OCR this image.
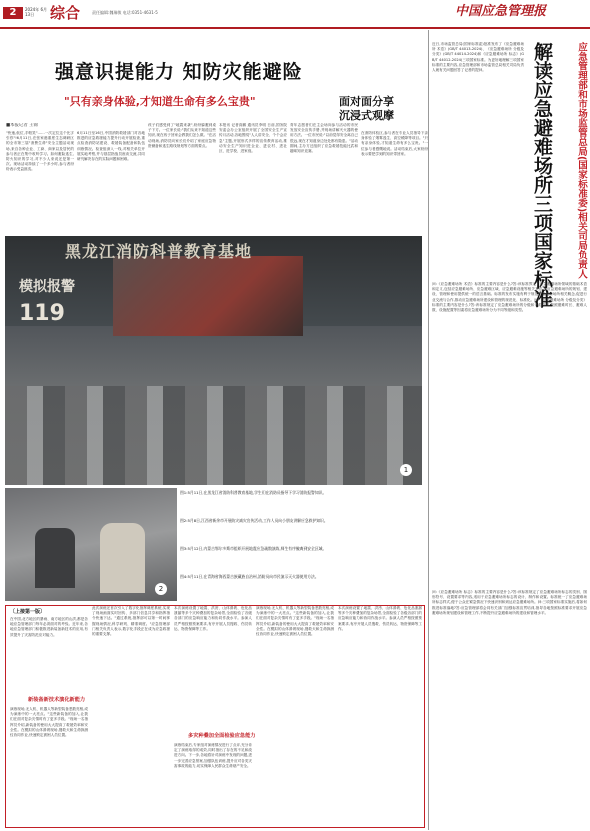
2	2024年 6月 13日	综合	责任编辑:魏瑞敏 电话:0351-4631-5	中国应急管理报
强意识提能力 知防灾能避险
"只有亲身体验,才知道生命有多么宝贵"	面对面分享
沉浸式观摩
■本报记者 王锦
"快速,低位,手帕笑"……一次定位这个比字引你"!6月11日,在张家港重度生态调研区的全市第三届"消费生命"安全主题活动现场,来自各种企业、工商、商家以及居民的参与者正在集中收听学习。如何避险逃生,防火知识的学习,对不少人来说还是第一次。现场活动持续了一个多小时,参与者纷纷表示受益匪浅。
6月11日至16日,中国消防救援部门对各地推进的应急救援能力提升行动开展检查,重点检查消防站建设、救援装备配备和队伍训练情况。检查组深入一线,对相关单位开展实地考察,并与基层指战员座谈交流,共同研究解决存在的实际问题和困难。
孩子们感受到了"地震来袭",纷纷躲避到桌子下方。一位家长说:"我们从来不知道这些知识,现在孩子回家会教我们怎么做。"在活动现场,消防员向家长们介绍了家庭应急物资储备和逃生路线规划等方面的要点。
本报讯 记者高鹏 通讯员李明 日前,国务院安委会办公室组织开展了全国安全生产宣传月活动,各地围绕"人人讲安全、个个会应急"主题,开展形式多样的宣传教育活动,推动安全生产知识进企业、进农村、进社区、进学校、进家庭。
青年志愿者们在主会场向参与活动的市民发放安全宣传手册,并现场讲解灭火器的使用方法。一位市民说:"以前觉得安全离自己很远,现在才知道身边处处都有隐患。"活动期间,主办方还组织了应急救援技能比武和趣味知识竞赛。
在消防体验区,参与者在专业人员指导下亲身体验了烟雾逃生、高空缓降等项目。"只有亲身体验,才知道生命有多么宝贵。"一位参与者感慨地说。活动结束后,大家纷纷表示要把学到的知识带回家。
黑龙江消防科普教育基地
模拟报警
119
1
2
图1:5月11日,在黑龙江省消防科普教育基地,学生们在消防员指导下学习消防报警知识。
图2:5月8日,江西省新余市开展防灾减灾宣传活动,工作人员向小朋友讲解应急救护知识。
图3:5月12日,内蒙古鄂尔多斯市组织开展地震应急疏散演练,师生有序撤离到安全区域。
图4:5月11日,在青海省海西蒙古族藏族自治州,消防员向市民演示灭火器使用方法。
解读应急避难场所三项国家标准	应急管理部和市场监管总局(国家标准委)相关司局负责人
近日,市场监管总局(国家标准委)批准发布了《应急避难场所 术语》(GB/T 44013-2024)、《应急避难场所 分级及分类》(GB/T 44014-2024)和《应急避难场所 标志》(GB/T 44012-2024)三项国家标准。为更好地理解三项国家标准的主要内容,应急管理部和市场监管总局相关司局负责人就有关问题回答了记者的提问。
问:《应急避难场所 术语》标准的主要内容是什么?答:该标准界定了应急避难场所领域的基础术语和定义,包括应急避难场所、应急避难区域、应急避难设施等相关术语,为应急避难场所的规划、建设、管理和使用提供统一的语言基础。标准的发布实施有利于规范应急避难场所相关概念,促进行业交流与合作,推动应急避难场所建设和管理的规范化、标准化。问:《应急避难场所 分级及分类》标准的主要内容是什么?答:该标准规定了应急避难场所的分级和分类原则,按照避难时长、避难人数、设施配置等因素将应急避难场所分为不同等级和类型。
问:《应急避难场所 标志》标准的主要内容是什么?答:该标准规定了应急避难场所标志的类别、图形符号、设置要求等内容,适用于应急避难场所标志的设计、制作和设置。标准统一了应急避难场所标志样式,便于公众在紧急情况下快速识别和到达应急避难场所。问:三项国家标准实施后,将如何推进标准落地?答:应急管理部将会同有关部门加强标准宣贯培训,指导各地按照标准要求开展应急避难场所规划建设和管理工作,不断提升应急避难场所的建设和管理水平。
〔上接第一版〕
在中国,北方地区的暴雨、南方地区的山洪,都是各地应急管理部门每年必须面对的考验。近年来,各地应急管理部门积极推进新装备新技术的应用,有效提升了灾害防范应对能力。
新装备新技术演化新能力
演练现场,无人机、机器人等新型装备悉数亮相,成为演练中的一大亮点。"这些新装备的加入,让我们在面对复杂灾情时有了更多手段。"现场一名指挥员介绍,新装备的使用大大提高了救援效率和安全性。在模拟的山体滑坡现场,搜救犬和生命探测仪协同作业,快速锁定被困人员位置。
此次演练还首次引入了数字化指挥调度系统,实现了现场画面实时回传、多部门信息共享和指挥指令快速下达。"通过系统,指挥部可以第一时间掌握现场情况,科学研判、精准调度。"应急管理部门相关负责人表示,数字化手段正在成为应急救援的重要支撑。
本次演练设置了地震、洪涝、山体滑坡、危化品泄漏等多个灾种叠加的复杂场景,全面检验了各级各部门的应急响应能力和协同作战水平。参演人员严格按照预案要求,有序开展人员搜救、伤员转运、物资保障等工作。
多灾种叠加全面检验应急能力
演练结束后,专家组对演练情况进行了点评,充分肯定了演练取得的成效,同时指出了存在的不足和改进方向。下一步,各地将针对演练中发现的问题,进一步完善应急预案,加强队伍训练,提升应对各类灾害事故的能力,切实保障人民群众生命财产安全。
演练现场,无人机、机器人等新型装备悉数亮相,成为演练中的一大亮点。"这些新装备的加入,让我们在面对复杂灾情时有了更多手段。"现场一名指挥员介绍,新装备的使用大大提高了救援效率和安全性。在模拟的山体滑坡现场,搜救犬和生命探测仪协同作业,快速锁定被困人员位置。
本次演练设置了地震、洪涝、山体滑坡、危化品泄漏等多个灾种叠加的复杂场景,全面检验了各级各部门的应急响应能力和协同作战水平。参演人员严格按照预案要求,有序开展人员搜救、伤员转运、物资保障等工作。
